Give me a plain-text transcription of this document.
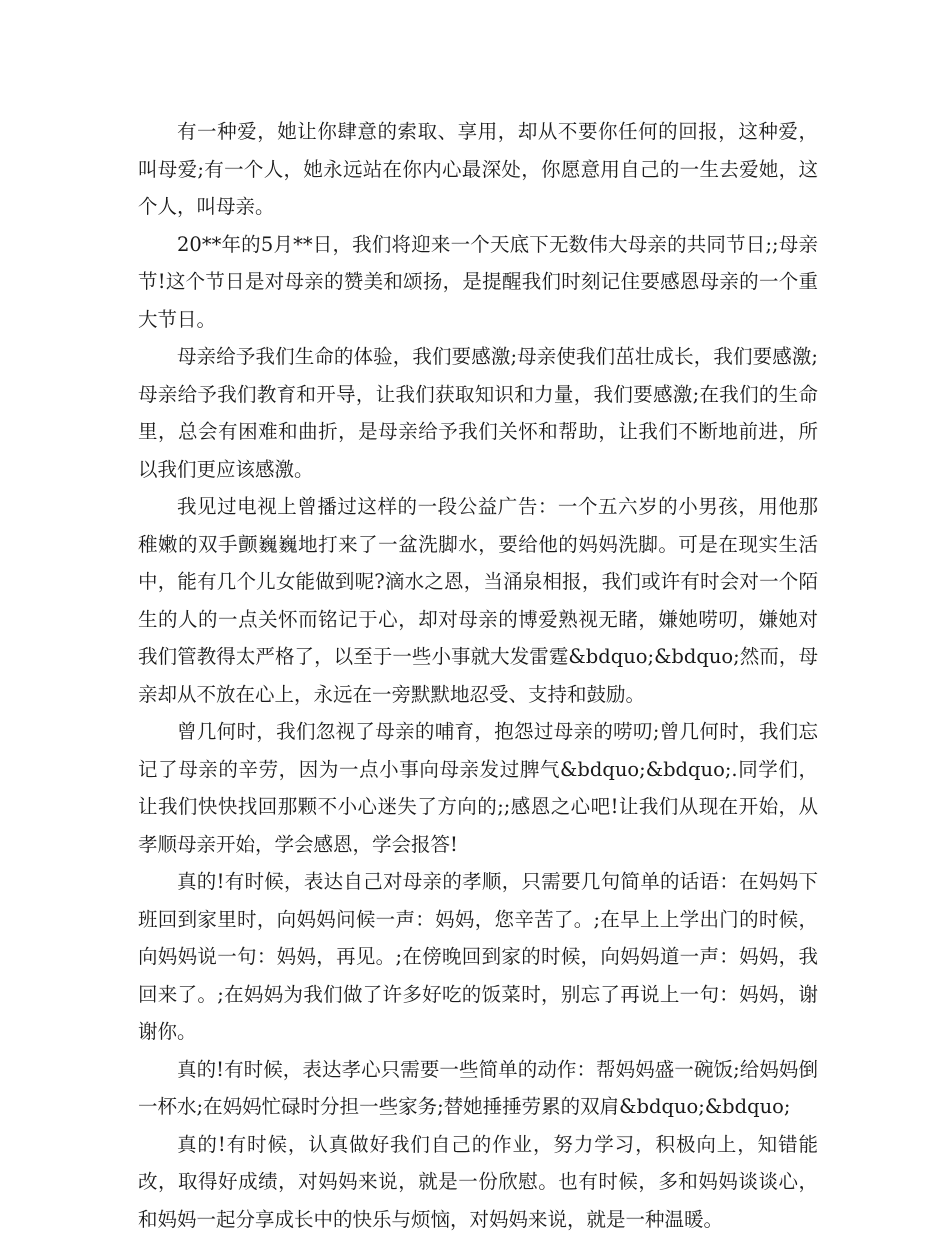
有一种爱，她让你肆意的索取、享用，却从不要你任何的回报，这种爱，叫母爱;有一个人，她永远站在你内心最深处，你愿意用自己的一生去爱她，这个人，叫母亲。

20**年的5月**日，我们将迎来一个天底下无数伟大母亲的共同节日;;母亲节!这个节日是对母亲的赞美和颂扬，是提醒我们时刻记住要感恩母亲的一个重大节日。

母亲给予我们生命的体验，我们要感激;母亲使我们茁壮成长，我们要感激;母亲给予我们教育和开导，让我们获取知识和力量，我们要感激;在我们的生命里，总会有困难和曲折，是母亲给予我们关怀和帮助，让我们不断地前进，所以我们更应该感激。

我见过电视上曾播过这样的一段公益广告：一个五六岁的小男孩，用他那稚嫩的双手颤巍巍地打来了一盆洗脚水，要给他的妈妈洗脚。可是在现实生活中，能有几个儿女能做到呢?滴水之恩，当涌泉相报，我们或许有时会对一个陌生的人的一点关怀而铭记于心，却对母亲的博爱熟视无睹，嫌她唠叨，嫌她对我们管教得太严格了，以至于一些小事就大发雷霆&bdquo;&bdquo;然而，母亲却从不放在心上，永远在一旁默默地忍受、支持和鼓励。

曾几何时，我们忽视了母亲的哺育，抱怨过母亲的唠叨;曾几何时，我们忘记了母亲的辛劳，因为一点小事向母亲发过脾气&bdquo;&bdquo;.同学们，让我们快快找回那颗不小心迷失了方向的;;感恩之心吧!让我们从现在开始，从孝顺母亲开始，学会感恩，学会报答!

真的!有时候，表达自己对母亲的孝顺，只需要几句简单的话语：在妈妈下班回到家里时，向妈妈问候一声：妈妈，您辛苦了。;在早上上学出门的时候，向妈妈说一句：妈妈，再见。;在傍晚回到家的时候，向妈妈道一声：妈妈，我回来了。;在妈妈为我们做了许多好吃的饭菜时，别忘了再说上一句：妈妈，谢谢你。

真的!有时候，表达孝心只需要一些简单的动作：帮妈妈盛一碗饭;给妈妈倒一杯水;在妈妈忙碌时分担一些家务;替她捶捶劳累的双肩&bdquo;&bdquo;

真的!有时候，认真做好我们自己的作业，努力学习，积极向上，知错能改，取得好成绩，对妈妈来说，就是一份欣慰。也有时候，多和妈妈谈谈心，和妈妈一起分享成长中的快乐与烦恼，对妈妈来说，就是一种温暖。
